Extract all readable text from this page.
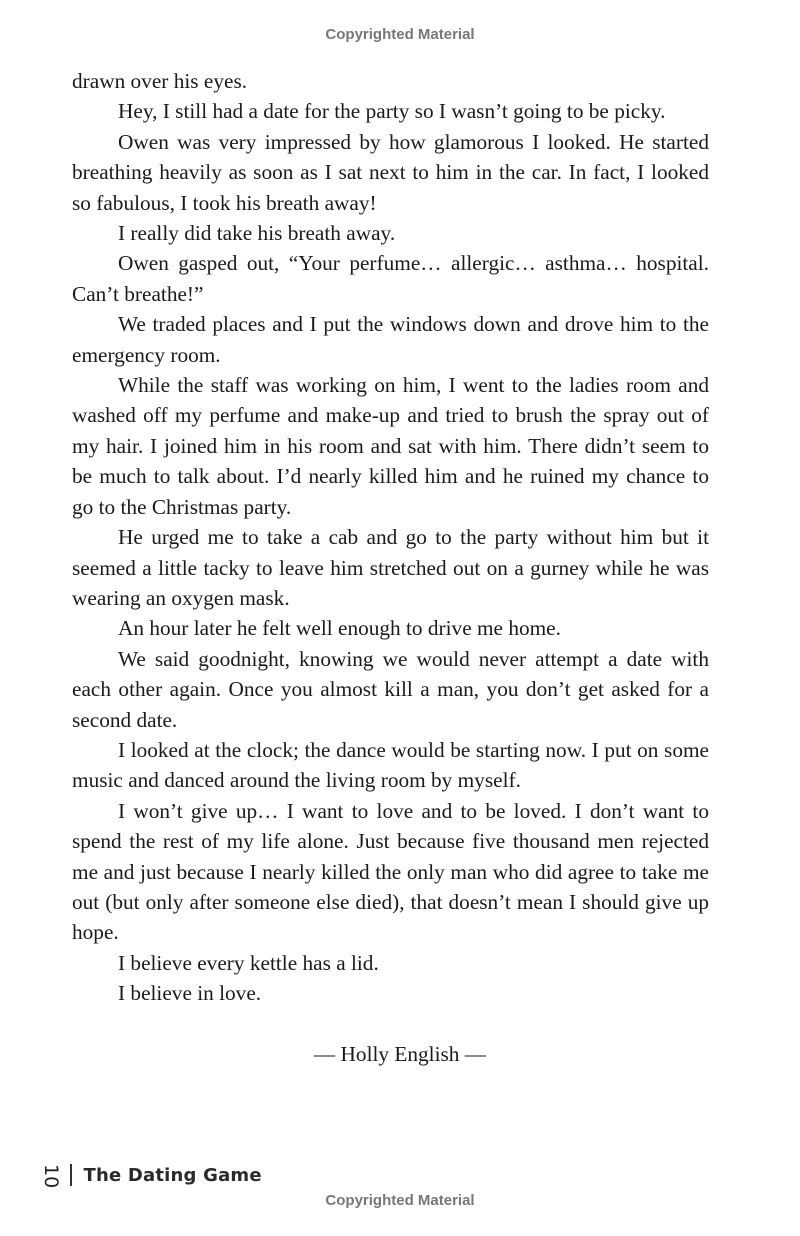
Copyrighted Material

drawn over his eyes.

Hey, I still had a date for the party so I wasn’t going to be picky.

Owen was very impressed by how glamorous I looked. He started breathing heavily as soon as I sat next to him in the car. In fact, I looked so fabulous, I took his breath away!

I really did take his breath away.

Owen gasped out, “Your perfume… allergic… asthma… hospital. Can’t breathe!”

We traded places and I put the windows down and drove him to the emergency room.

While the staff was working on him, I went to the ladies room and washed off my perfume and make-up and tried to brush the spray out of my hair. I joined him in his room and sat with him. There didn’t seem to be much to talk about. I’d nearly killed him and he ruined my chance to go to the Christmas party.

He urged me to take a cab and go to the party without him but it seemed a little tacky to leave him stretched out on a gurney while he was wearing an oxygen mask.

An hour later he felt well enough to drive me home.

We said goodnight, knowing we would never attempt a date with each other again. Once you almost kill a man, you don’t get asked for a second date.

I looked at the clock; the dance would be starting now. I put on some music and danced around the living room by myself.

I won’t give up… I want to love and to be loved. I don’t want to spend the rest of my life alone. Just because five thousand men rejected me and just because I nearly killed the only man who did agree to take me out (but only after someone else died), that doesn’t mean I should give up hope.

I believe every kettle has a lid.

I believe in love.

— Holly English —
10 The Dating Game
Copyrighted Material
